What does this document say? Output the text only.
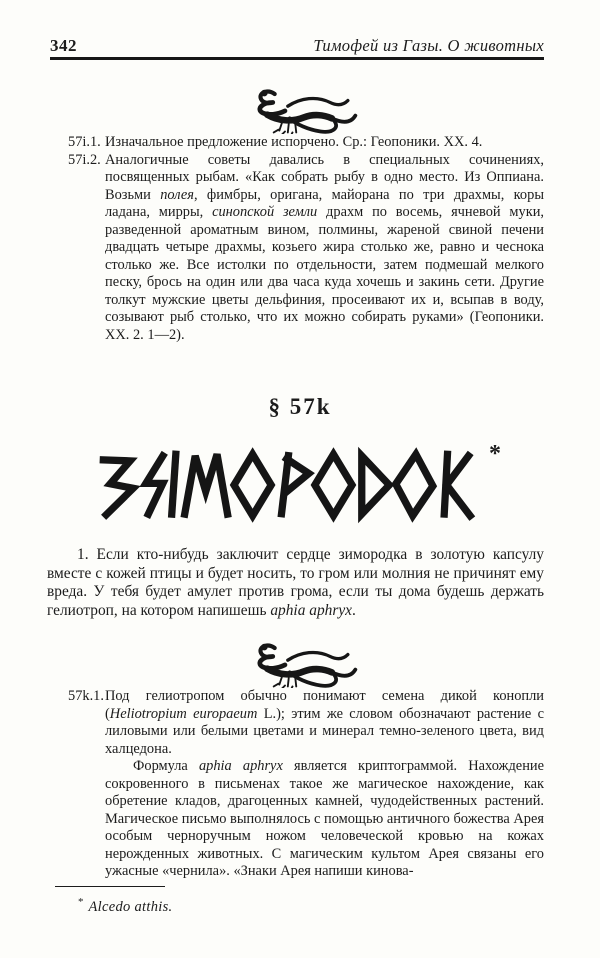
342	Тимофей из Газы. О животных
57i.1. Изначальное предложение испорчено. Ср.: Геопоники. XX. 4.

57i.2. Аналогичные советы давались в специальных сочинениях, посвященных рыбам. «Как собрать рыбу в одно место. Из Оппиана. Возьми полея, фимбры, оригана, майорана по три драхмы, коры ладана, мирры, синопской земли драхм по восемь, ячневой муки, разведенной ароматным вином, полмины, жареной свиной печени двадцать четыре драхмы, козьего жира столько же, равно и чеснока столько же. Все истолки по отдельности, затем подмешай мелкого песку, брось на один или два часа куда хочешь и закинь сети. Другие толкут мужские цветы дельфиния, просеивают их и, всыпав в воду, созывают рыб столько, что их можно собирать руками» (Геопоники. XX. 2. 1—2).

§ 57k
*

1. Если кто-нибудь заключит сердце зимородка в золотую капсулу вместе с кожей птицы и будет носить, то гром или молния не причинят ему вреда. У тебя будет амулет против грома, если ты дома будешь держать гелиотроп, на котором напишешь aphia aphryx.

57k.1. Под гелиотропом обычно понимают семена дикой конопли (Heliotropium europaeum L.); этим же словом обозначают растение с лиловыми или белыми цветами и минерал темно-зеленого цвета, вид халцедона.

Формула aphia aphryx является криптограммой. Нахождение сокровенного в письменах такое же магическое нахождение, как обретение кладов, драгоценных камней, чудодейственных растений. Магическое письмо выполнялось с помощью античного божества Арея особым черноручным ножом человеческой кровью на кожах нерожденных животных. С магическим культом Арея связаны его ужасные «чернила». «Знаки Арея напиши кинова-

* Alcedo atthis.
